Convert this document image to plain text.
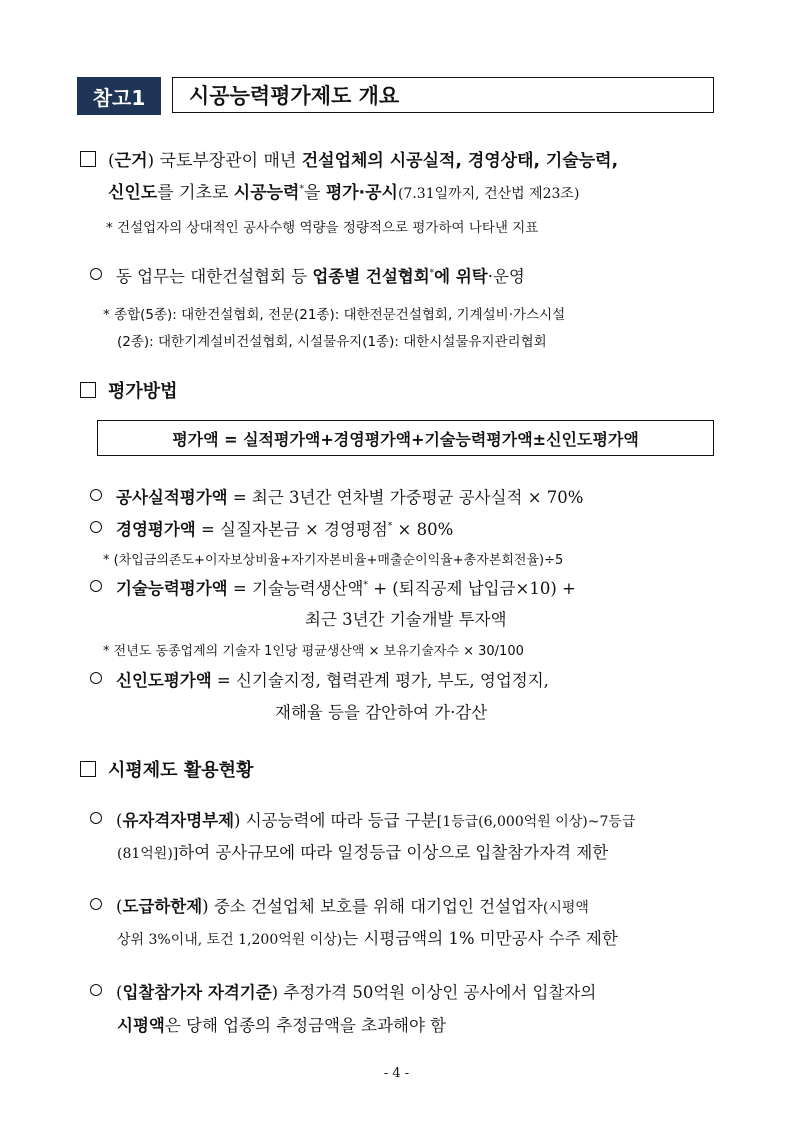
참고1	시공능력평가제도 개요
(근거) 국토부장관이 매년 건설업체의 시공실적, 경영상태, 기술능력,
신인도를 기초로 시공능력*을 평가·공시(7.31일까지, 건산법 제23조)
* 건설업자의 상대적인 공사수행 역량을 정량적으로 평가하여 나타낸 지표
동 업무는 대한건설협회 등 업종별 건설협회*에 위탁·운영
* 종합(5종): 대한건설협회, 전문(21종): 대한전문건설협회, 기계설비·가스시설
(2종): 대한기계설비건설협회, 시설물유지(1종): 대한시설물유지관리협회
평가방법
평가액 = 실적평가액+경영평가액+기술능력평가액±신인도평가액
공사실적평가액 = 최근 3년간 연차별 가중평균 공사실적 × 70%
경영평가액 = 실질자본금 × 경영평점* × 80%
* (차입금의존도+이자보상비율+자기자본비율+매출순이익율+총자본회전율)÷5
기술능력평가액 = 기술능력생산액* + (퇴직공제 납입금×10) +
최근 3년간 기술개발 투자액
* 전년도 동종업계의 기술자 1인당 평균생산액 × 보유기술자수 × 30/100
신인도평가액 = 신기술지정, 협력관계 평가, 부도, 영업정지,
재해율 등을 감안하여 가·감산
시평제도 활용현황
(유자격자명부제) 시공능력에 따라 등급 구분[1등급(6,000억원 이상)~7등급
(81억원)]하여 공사규모에 따라 일정등급 이상으로 입찰참가자격 제한
(도급하한제) 중소 건설업체 보호를 위해 대기업인 건설업자(시평액
상위 3%이내, 토건 1,200억원 이상)는 시평금액의 1% 미만공사 수주 제한
(입찰참가자 자격기준) 추정가격 50억원 이상인 공사에서 입찰자의
시평액은 당해 업종의 추정금액을 초과해야 함
- 4 -
